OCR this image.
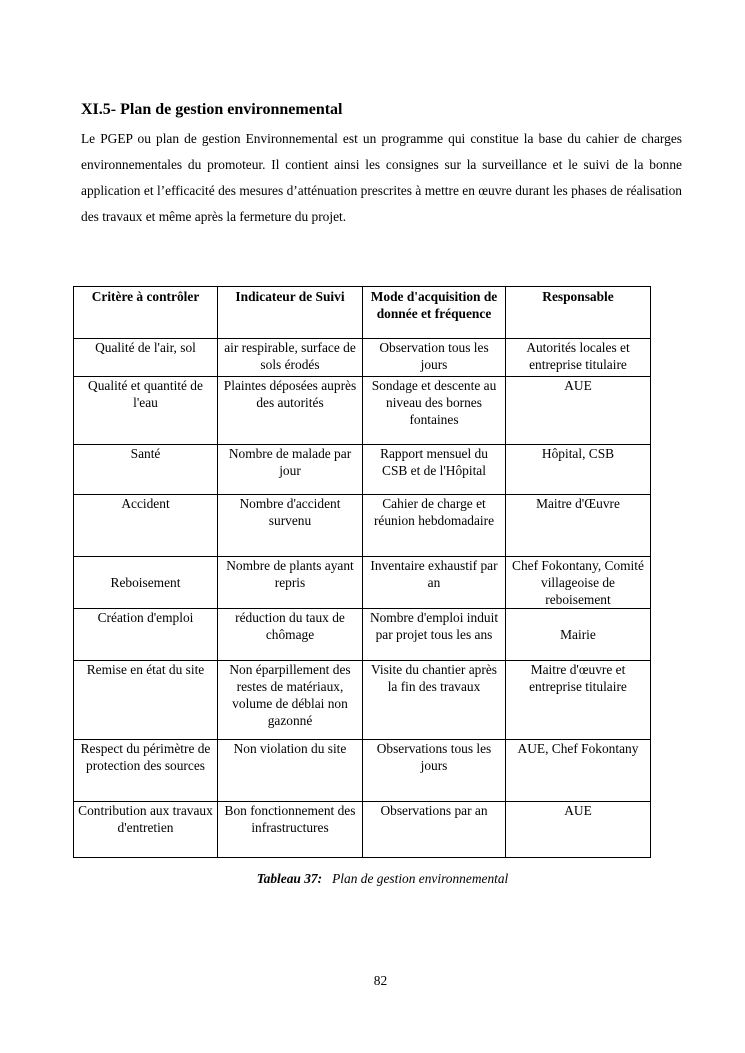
XI.5- Plan de gestion environnemental

Le PGEP ou plan de gestion Environnemental est un programme qui constitue la base du cahier de charges environnementales du promoteur. Il contient ainsi les consignes sur la surveillance et le suivi de la bonne application et l’efficacité des mesures d’atténuation prescrites à mettre en œuvre durant les phases de réalisation des travaux et même après la fermeture du projet.

Critère à contrôler	Indicateur de Suivi	Mode d'acquisition de donnée et fréquence	Responsable
Qualité de l'air, sol	air respirable, surface de sols érodés	Observation tous les jours	Autorités locales et entreprise titulaire
Qualité et quantité de l'eau	Plaintes déposées auprès des autorités	Sondage et descente au niveau des bornes fontaines	AUE
Santé	Nombre de malade par jour	Rapport mensuel du CSB et de l'Hôpital	Hôpital, CSB
Accident	Nombre d'accident survenu	Cahier de charge et réunion hebdomadaire	Maitre d'Œuvre
Reboisement	Nombre de plants ayant repris	Inventaire exhaustif par an	Chef Fokontany, Comité villageoise de reboisement
Création d'emploi	réduction du taux de chômage	Nombre d'emploi induit par projet tous les ans	Mairie
Remise en état du site	Non éparpillement des restes de matériaux, volume de déblai non gazonné	Visite du chantier après la fin des travaux	Maitre d'œuvre et entreprise titulaire
Respect du périmètre de protection des sources	Non violation du site	Observations tous les jours	AUE, Chef Fokontany
Contribution aux travaux d'entretien	Bon fonctionnement des infrastructures	Observations par an	AUE
Tableau 37: Plan de gestion environnemental
82
